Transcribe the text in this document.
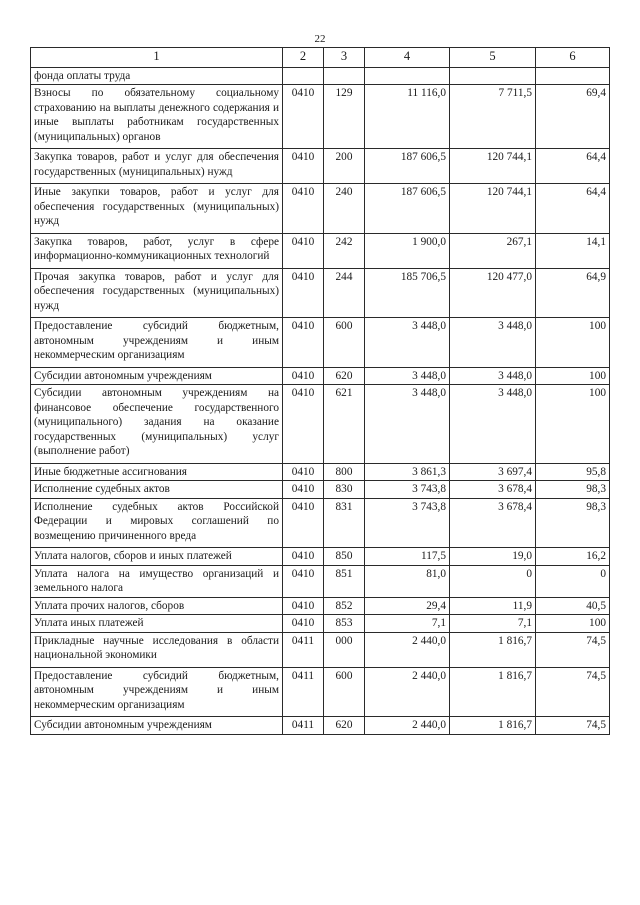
22
1	2	3	4	5	6
фонда оплаты труда					
Взносы по обязательному социальному страхованию на выплаты денежного содержания и иные выплаты работникам государственных (муниципальных) органов	0410	129	11 116,0	7 711,5	69,4
Закупка товаров, работ и услуг для обеспечения государственных (муниципальных) нужд	0410	200	187 606,5	120 744,1	64,4
Иные закупки товаров, работ и услуг для обеспечения государственных (муниципальных) нужд	0410	240	187 606,5	120 744,1	64,4
Закупка товаров, работ, услуг в сфере информационно-коммуникационных технологий	0410	242	1 900,0	267,1	14,1
Прочая закупка товаров, работ и услуг для обеспечения государственных (муниципальных) нужд	0410	244	185 706,5	120 477,0	64,9
Предоставление субсидий бюджетным, автономным учреждениям и иным некоммерческим организациям	0410	600	3 448,0	3 448,0	100
Субсидии автономным учреждениям	0410	620	3 448,0	3 448,0	100
Субсидии автономным учреждениям на финансовое обеспечение государственного (муниципального) задания на оказание государственных (муниципальных) услуг (выполнение работ)	0410	621	3 448,0	3 448,0	100
Иные бюджетные ассигнования	0410	800	3 861,3	3 697,4	95,8
Исполнение судебных актов	0410	830	3 743,8	3 678,4	98,3
Исполнение судебных актов Российской Федерации и мировых соглашений по возмещению причиненного вреда	0410	831	3 743,8	3 678,4	98,3
Уплата налогов, сборов и иных платежей	0410	850	117,5	19,0	16,2
Уплата налога на имущество организаций и земельного налога	0410	851	81,0	0	0
Уплата прочих налогов, сборов	0410	852	29,4	11,9	40,5
Уплата иных платежей	0410	853	7,1	7,1	100
Прикладные научные исследования в области национальной экономики	0411	000	2 440,0	1 816,7	74,5
Предоставление субсидий бюджетным, автономным учреждениям и иным некоммерческим организациям	0411	600	2 440,0	1 816,7	74,5
Субсидии автономным учреждениям	0411	620	2 440,0	1 816,7	74,5
